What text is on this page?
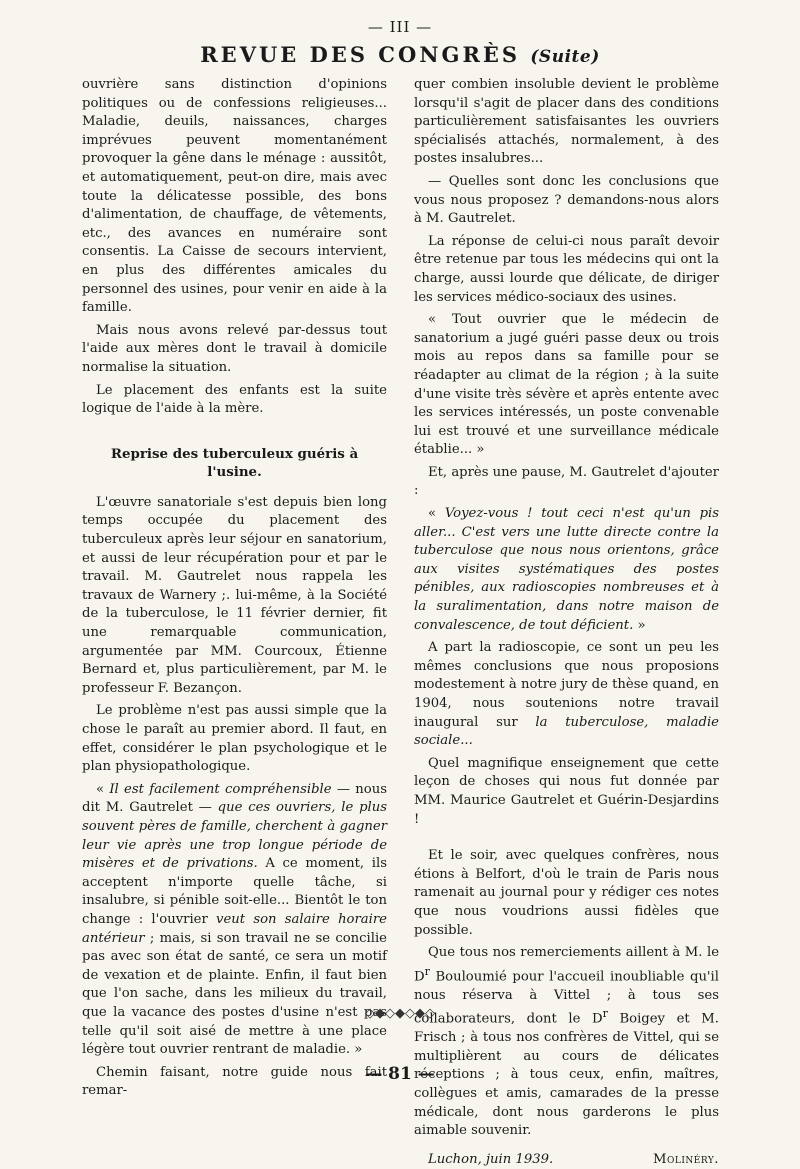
— III —
REVUE DES CONGRÈS (Suite)

ouvrière sans distinction d'opinions politiques ou de confessions religieuses... Maladie, deuils, naissances, charges imprévues peuvent momentanément provoquer la gêne dans le ménage : aussitôt, et automatiquement, peut-on dire, mais avec toute la délicatesse possible, des bons d'alimentation, de chauffage, de vêtements, etc., des avances en numéraire sont consentis. La Caisse de secours intervient, en plus des différentes amicales du personnel des usines, pour venir en aide à la famille.

Mais nous avons relevé par-dessus tout l'aide aux mères dont le travail à domicile normalise la situation.

Le placement des enfants est la suite logique de l'aide à la mère.

Reprise des tuberculeux guéris à l'usine.

L'œuvre sanatoriale s'est depuis bien long temps occupée du placement des tuberculeux après leur séjour en sanatorium, et aussi de leur récupération pour et par le travail. M. Gautrelet nous rappela les travaux de Warnery ;. lui-même, à la Société de la tuberculose, le 11 février dernier, fit une remarquable communication, argumentée par MM. Courcoux, Étienne Bernard et, plus particulièrement, par M. le professeur F. Bezançon.

Le problème n'est pas aussi simple que la chose le paraît au premier abord. Il faut, en effet, considérer le plan psychologique et le plan physiopathologique.

« Il est facilement compréhensible — nous dit M. Gautrelet — que ces ouvriers, le plus souvent pères de famille, cherchent à gagner leur vie après une trop longue période de misères et de privations. A ce moment, ils acceptent n'importe quelle tâche, si insalubre, si pénible soit-elle... Bientôt le ton change : l'ouvrier veut son salaire horaire antérieur ; mais, si son travail ne se concilie pas avec son état de santé, ce sera un motif de vexation et de plainte. Enfin, il faut bien que l'on sache, dans les milieux du travail, que la vacance des postes d'usine n'est pas telle qu'il soit aisé de mettre à une place légère tout ouvrier rentrant de maladie. »

Chemin faisant, notre guide nous fait remar-

quer combien insoluble devient le problème lorsqu'il s'agit de placer dans des conditions particulièrement satisfaisantes les ouvriers spécialisés attachés, normalement, à des postes insalubres...

— Quelles sont donc les conclusions que vous nous proposez ? demandons-nous alors à M. Gautrelet.

La réponse de celui-ci nous paraît devoir être retenue par tous les médecins qui ont la charge, aussi lourde que délicate, de diriger les services médico-sociaux des usines.

« Tout ouvrier que le médecin de sanatorium a jugé guéri passe deux ou trois mois au repos dans sa famille pour se réadapter au climat de la région ; à la suite d'une visite très sévère et après entente avec les services intéressés, un poste convenable lui est trouvé et une surveillance médicale établie... »

Et, après une pause, M. Gautrelet d'ajouter :

« Voyez-vous ! tout ceci n'est qu'un pis aller... C'est vers une lutte directe contre la tuberculose que nous nous orientons, grâce aux visites systématiques des postes pénibles, aux radioscopies nombreuses et à la suralimentation, dans notre maison de convalescence, de tout déficient. »

A part la radioscopie, ce sont un peu les mêmes conclusions que nous proposions modestement à notre jury de thèse quand, en 1904, nous soutenions notre travail inaugural sur la tuberculose, maladie sociale...

Quel magnifique enseignement que cette leçon de choses qui nous fut donnée par MM. Maurice Gautrelet et Guérin-Desjardins !

Et le soir, avec quelques confrères, nous étions à Belfort, d'où le train de Paris nous ramenait au journal pour y rédiger ces notes que nous voudrions aussi fidèles que possible.

Que tous nos remerciements aillent à M. le $D^r$ Bouloumié pour l'accueil inoubliable qu'il nous réserva à Vittel ; à tous ses collaborateurs, dont le $D^r$ Boigey et M. Frisch ; à tous nos confrères de Vittel, qui se multiplièrent au cours de délicates réceptions ; à tous ceux, enfin, maîtres, collègues et amis, camarades de la presse médicale, dont nous garderons le plus aimable souvenir.

Luchon, juin 1939.	Molinéry.
◇◆◇◆◇◆◇
— 81 —
